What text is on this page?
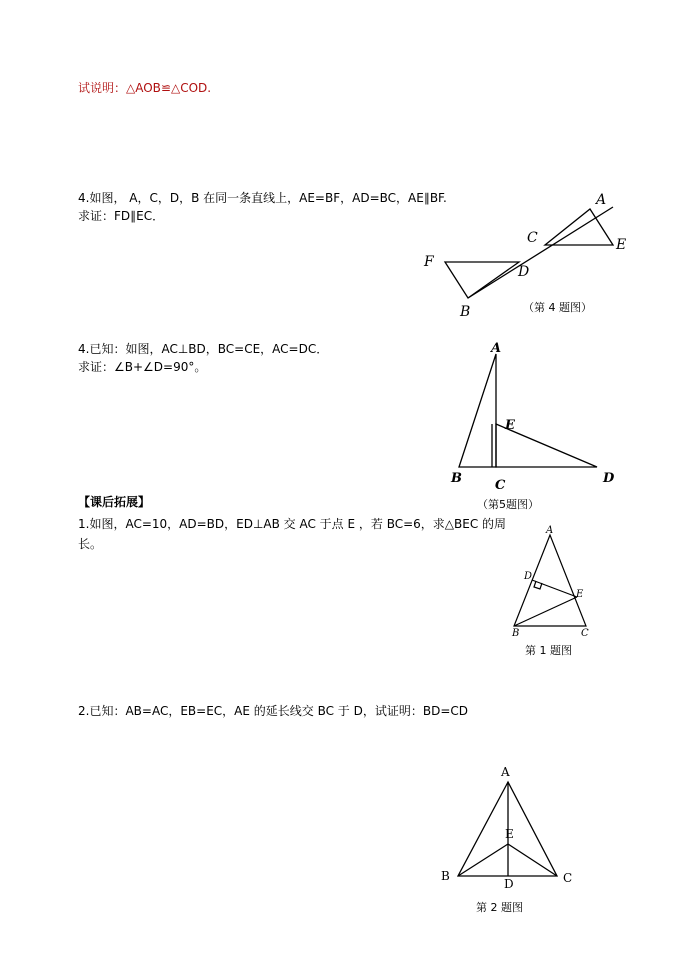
试说明：△AOB≌△COD.
4.如图， A，C，D，B 在同一条直线上，AE=BF，AD=BC，AE∥BF.
求证：FD∥EC．
A
C	E
F
D
B	（第 4 题图）
4.已知：如图，AC⊥BD，BC=CE，AC=DC．
求证：∠B+∠D=90°。
A
E
B	C	D
（第5题图）
【课后拓展】
1.如图，AC=10，AD=BD，ED⊥AB 交 AC 于点 E ，若 BC=6，求△BEC 的周
长。
A
D
E
B	C
第 1 题图
2.已知：AB=AC，EB=EC，AE 的延长线交 BC 于 D，试证明：BD=CD
A
E
B
D	C
第 2 题图
